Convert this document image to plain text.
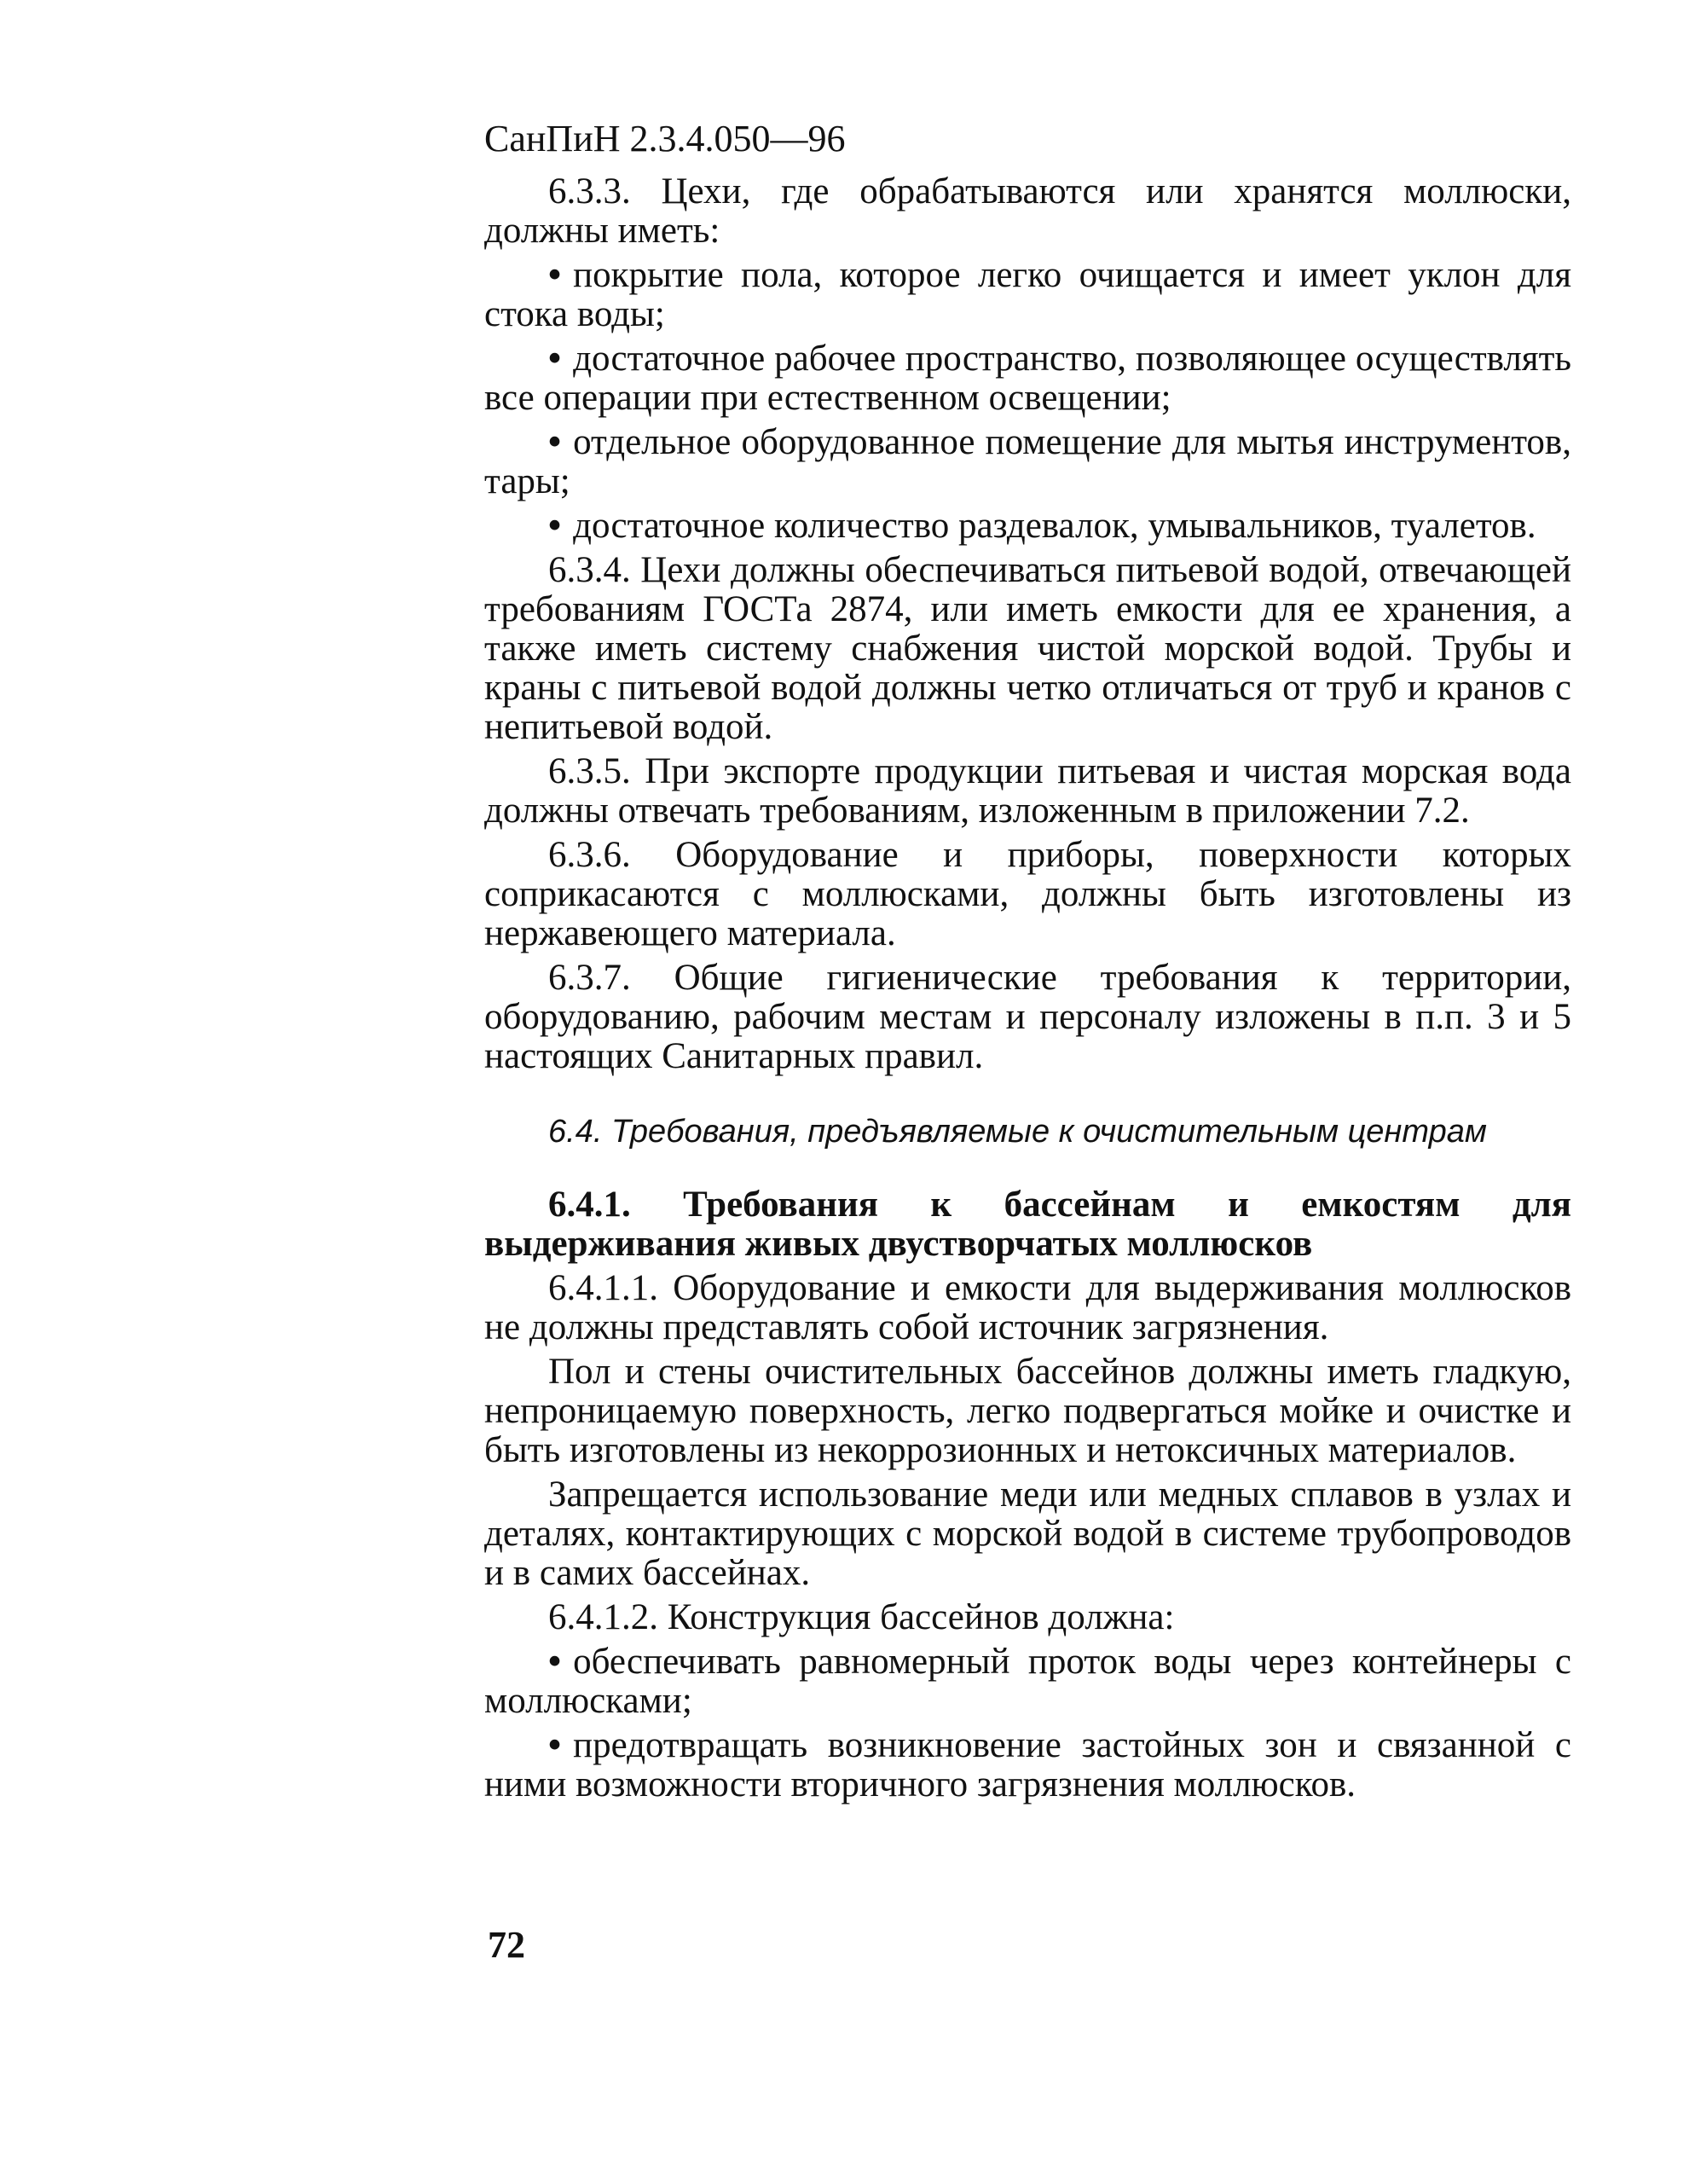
СанПиН 2.3.4.050—96

6.3.3. Цехи, где обрабатываются или хранятся моллюски, должны иметь:

• покрытие пола, которое легко очищается и имеет уклон для стока воды;

• достаточное рабочее пространство, позволяющее осуществлять все операции при естественном освещении;

• отдельное оборудованное помещение для мытья инструментов, тары;

• достаточное количество раздевалок, умывальников, туалетов.

6.3.4. Цехи должны обеспечиваться питьевой водой, отвечающей требованиям ГОСТа 2874, или иметь емкости для ее хранения, а также иметь систему снабжения чистой морской водой. Трубы и краны с питьевой водой должны четко отличаться от труб и кранов с непитьевой водой.

6.3.5. При экспорте продукции питьевая и чистая морская вода должны отвечать требованиям, изложенным в приложении 7.2.

6.3.6. Оборудование и приборы, поверхности которых соприкасаются с моллюсками, должны быть изготовлены из нержавеющего материала.

6.3.7. Общие гигиенические требования к территории, оборудованию, рабочим местам и персоналу изложены в п.п. 3 и 5 настоящих Санитарных правил.

6.4. Требования, предъявляемые к очистительным центрам

6.4.1. Требования к бассейнам и емкостям для выдерживания живых двустворчатых моллюсков

6.4.1.1. Оборудование и емкости для выдерживания моллюсков не должны представлять собой источник загрязнения.

Пол и стены очистительных бассейнов должны иметь гладкую, непроницаемую поверхность, легко подвергаться мойке и очистке и быть изготовлены из некоррозионных и нетоксичных материалов.

Запрещается использование меди или медных сплавов в узлах и деталях, контактирующих с морской водой в системе трубопроводов и в самих бассейнах.

6.4.1.2. Конструкция бассейнов должна:

• обеспечивать равномерный проток воды через контейнеры с моллюсками;

• предотвращать возникновение застойных зон и связанной с ними возможности вторичного загрязнения моллюсков.

72
